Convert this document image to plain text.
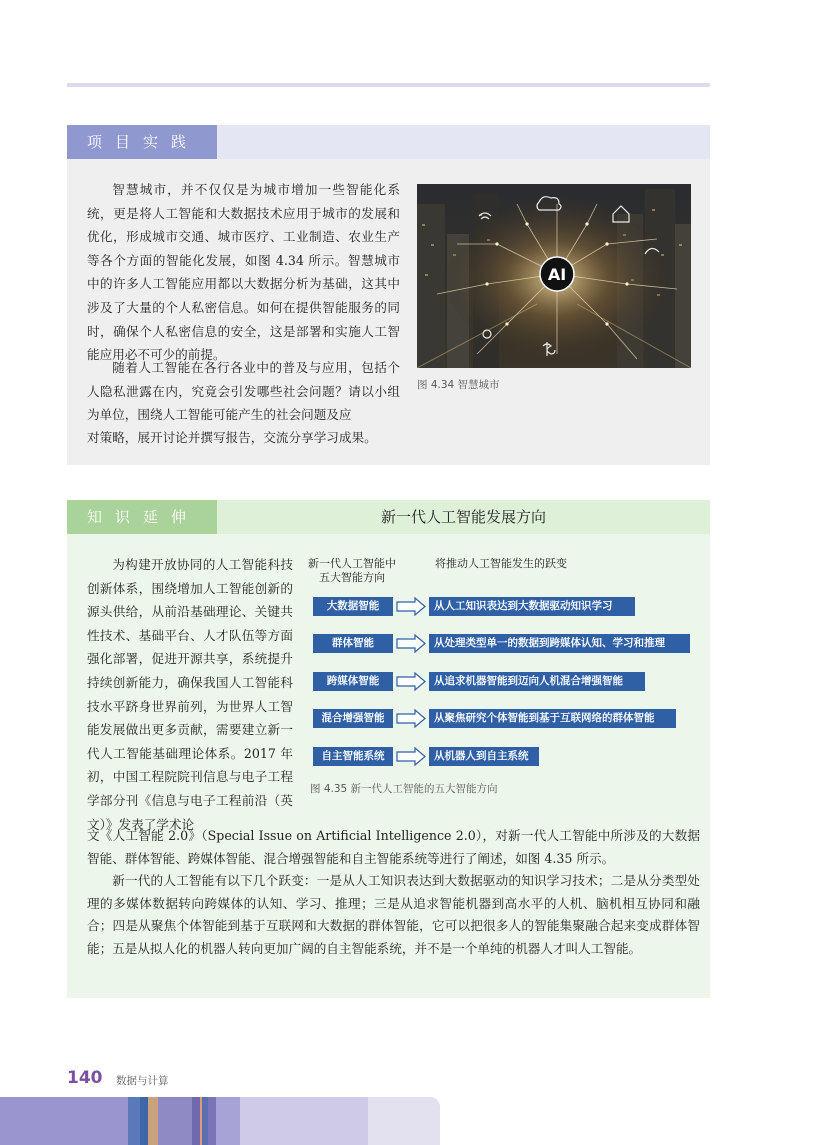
项目实践

智慧城市，并不仅仅是为城市增加一些智能化系统，更是将人工智能和大数据技术应用于城市的发展和优化，形成城市交通、城市医疗、工业制造、农业生产等各个方面的智能化发展，如图 4.34 所示。智慧城市中的许多人工智能应用都以大数据分析为基础，这其中涉及了大量的个人私密信息。如何在提供智能服务的同时，确保个人私密信息的安全，这是部署和实施人工智能应用必不可少的前提。

随着人工智能在各行各业中的普及与应用，包括个人隐私泄露在内，究竟会引发哪些社会问题？请以小组为单位，围绕人工智能可能产生的社会问题及应

对策略，展开讨论并撰写报告，交流分享学习成果。

AI
图 4.34 智慧城市
知识延伸	新一代人工智能发展方向

为构建开放协同的人工智能科技创新体系，围绕增加人工智能创新的源头供给，从前沿基础理论、关键共性技术、基础平台、人才队伍等方面强化部署，促进开源共享，系统提升持续创新能力，确保我国人工智能科技水平跻身世界前列，为世界人工智能发展做出更多贡献，需要建立新一代人工智能基础理论体系。2017 年初，中国工程院院刊信息与电子工程学部分刊《信息与电子工程前沿（英文）》发表了学术论

文《人工智能 2.0》（Special Issue on Artificial Intelligence 2.0），对新一代人工智能中所涉及的大数据智能、群体智能、跨媒体智能、混合增强智能和自主智能系统等进行了阐述，如图 4.35 所示。

新一代的人工智能有以下几个跃变：一是从人工知识表达到大数据驱动的知识学习技术；二是从分类型处理的多媒体数据转向跨媒体的认知、学习、推理；三是从追求智能机器到高水平的人机、脑机相互协同和融合；四是从聚焦个体智能到基于互联网和大数据的群体智能，它可以把很多人的智能集聚融合起来变成群体智能；五是从拟人化的机器人转向更加广阔的自主智能系统，并不是一个单纯的机器人才叫人工智能。

新一代人工智能中
五大智能方向
将推动人工智能发生的跃变
大数据智能	从人工知识表达到大数据驱动知识学习
群体智能	从处理类型单一的数据到跨媒体认知、学习和推理
跨媒体智能	从追求机器智能到迈向人机混合增强智能
混合增强智能	从聚焦研究个体智能到基于互联网络的群体智能
自主智能系统	从机器人到自主系统
图 4.35 新一代人工智能的五大智能方向
140 数据与计算
